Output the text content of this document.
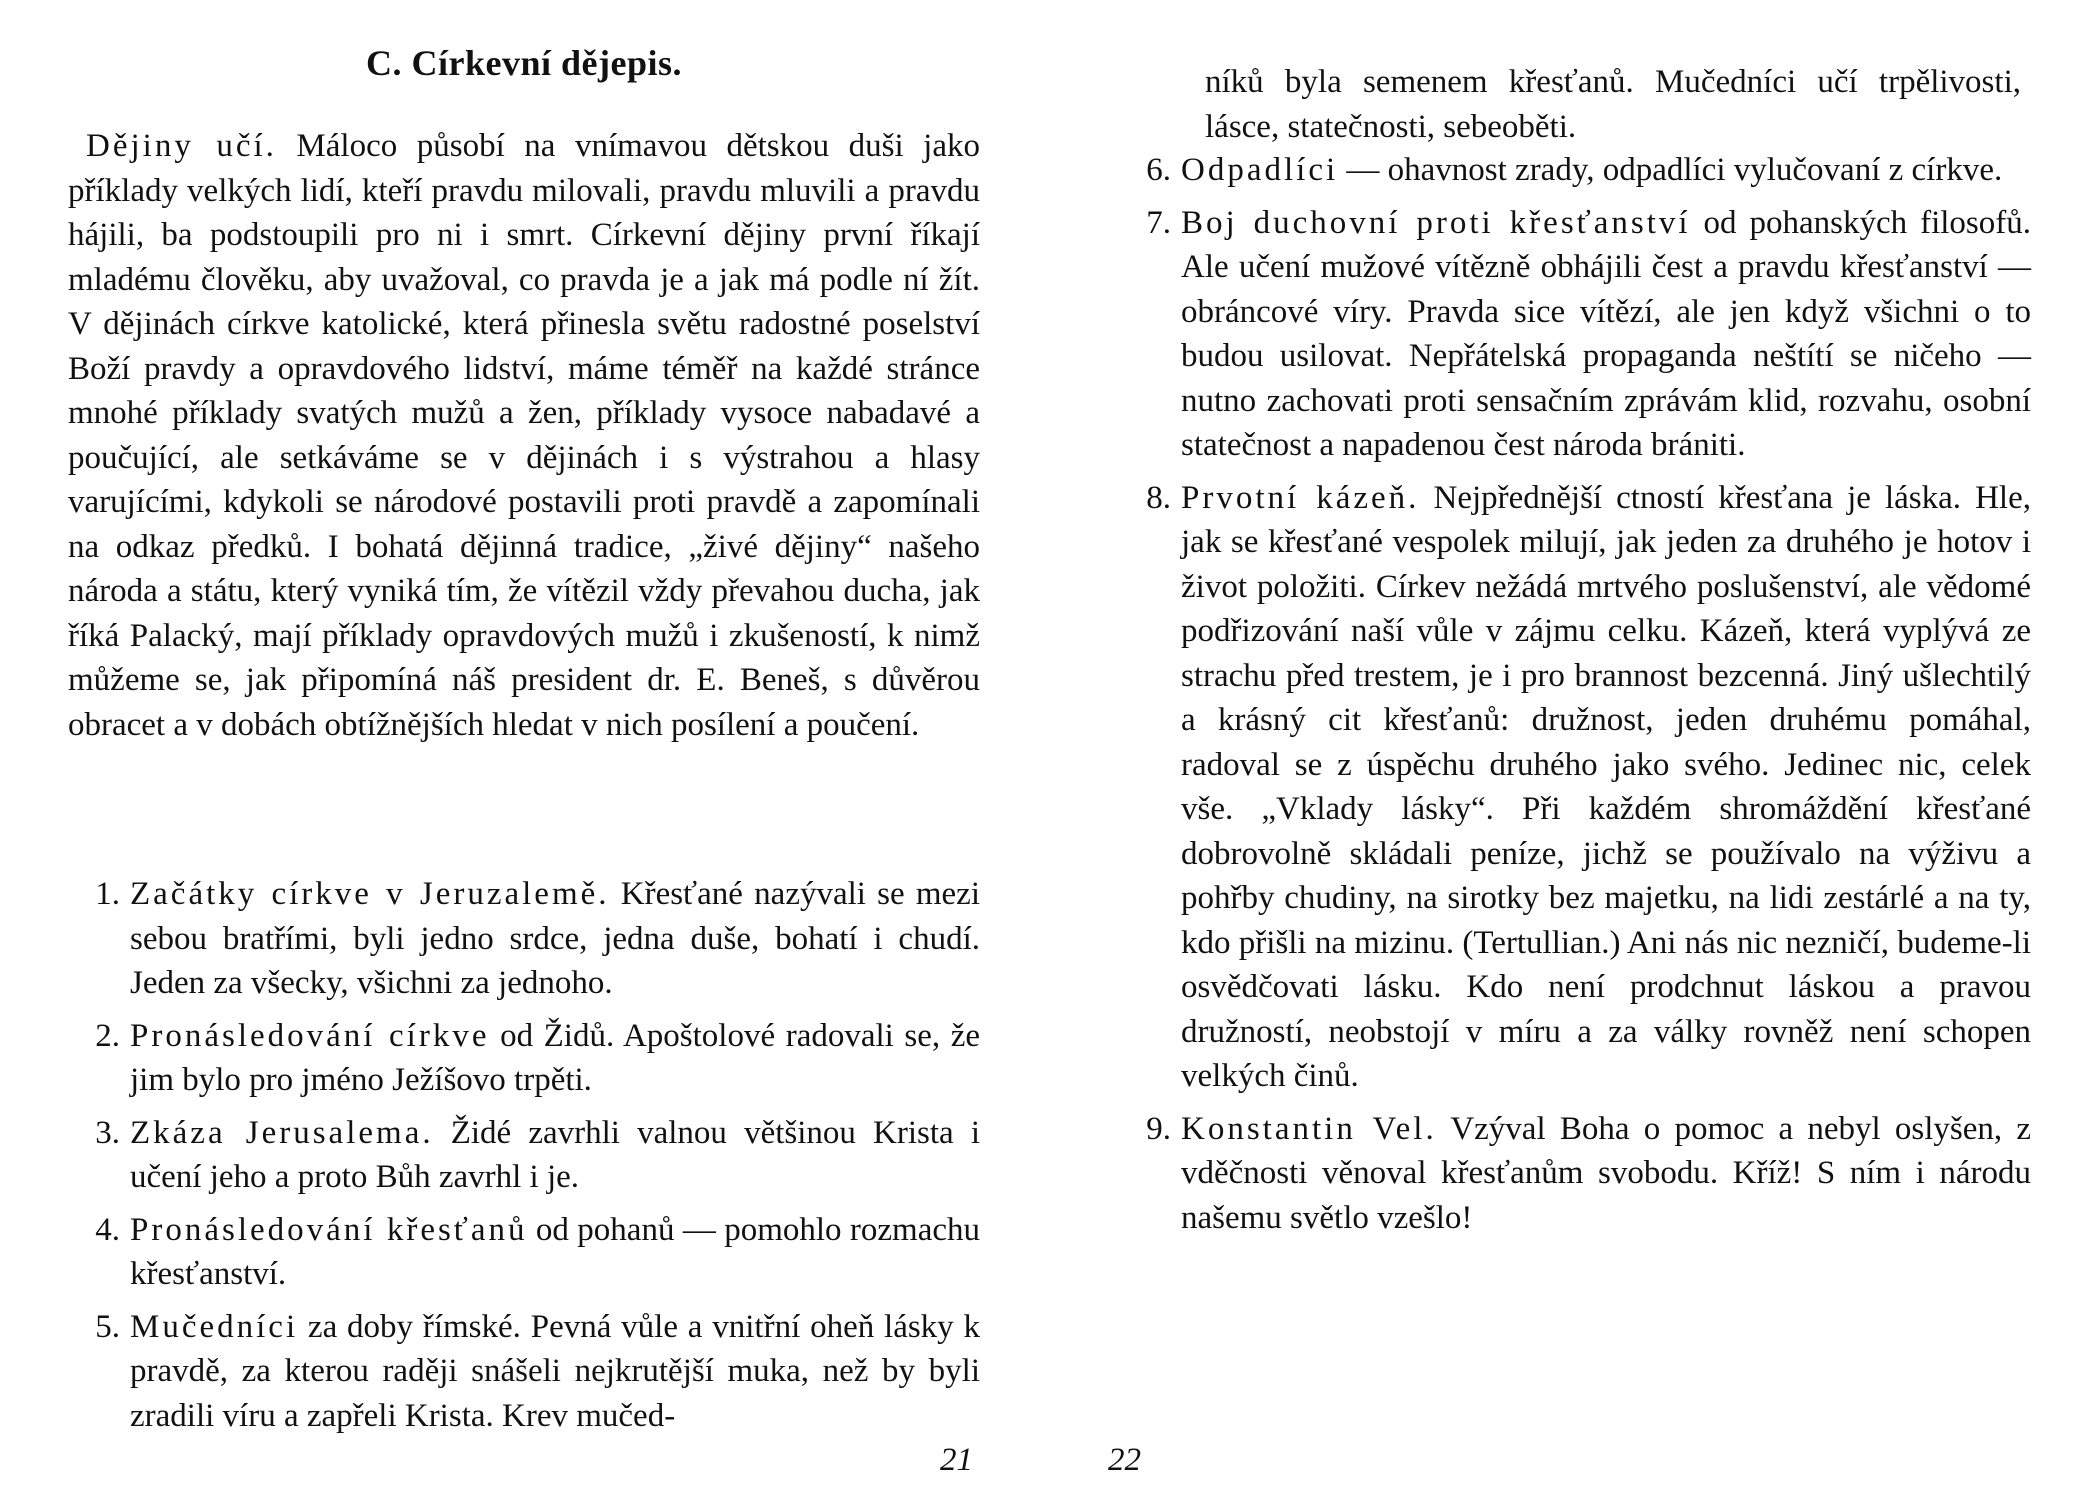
C. Církevní dějepis.

Dějiny učí. Máloco působí na vnímavou dětskou duši jako příklady velkých lidí, kteří pravdu milovali, pravdu mluvili a pravdu hájili, ba podstoupili pro ni i smrt. Církevní dějiny první říkají mladému člověku, aby uvažoval, co pravda je a jak má podle ní žít. V dějinách církve katolické, která přinesla světu radostné poselství Boží pravdy a opravdového lidství, máme téměř na každé stránce mnohé příklady svatých mužů a žen, příklady vysoce nabadavé a poučující, ale setkáváme se v dějinách i s výstrahou a hlasy varujícími, kdykoli se národové postavili proti pravdě a zapomínali na odkaz předků. I bohatá dějinná tradice, „živé dějiny“ našeho národa a státu, který vyniká tím, že vítězil vždy převahou ducha, jak říká Palacký, mají příklady opravdových mužů i zkušeností, k nimž můžeme se, jak připomíná náš president dr. E. Beneš, s důvěrou obracet a v dobách obtížnějších hledat v nich posílení a poučení.

1. Začátky církve v Jeruzalemě. Křesťané nazývali se mezi sebou bratřími, byli jedno srdce, jedna duše, bohatí i chudí. Jeden za všecky, všichni za jednoho.
2. Pronásledování církve od Židů. Apoštolové radovali se, že jim bylo pro jméno Ježíšovo trpěti.
3. Zkáza Jerusalema. Židé zavrhli valnou většinou Krista i učení jeho a proto Bůh zavrhl i je.
4. Pronásledování křesťanů od pohanů — pomohlo rozmachu křesťanství.
5. Mučedníci za doby římské. Pevná vůle a vnitřní oheň lásky k pravdě, za kterou raději snášeli nejkrutější muka, než by byli zradili víru a zapřeli Krista. Krev mučed-
21

níků byla semenem křesťanů. Mučedníci učí trpělivosti, lásce, statečnosti, sebeoběti.

6. Odpadlíci — ohavnost zrady, odpadlíci vylučovaní z církve.
7. Boj duchovní proti křesťanství od pohanských filosofů. Ale učení mužové vítězně obhájili čest a pravdu křesťanství — obráncové víry. Pravda sice vítězí, ale jen když všichni o to budou usilovat. Nepřátelská propaganda neštítí se ničeho — nutno zachovati proti sensačním zprávám klid, rozvahu, osobní statečnost a napadenou čest národa brániti.
8. Prvotní kázeň. Nejpřednější ctností křesťana je láska. Hle, jak se křesťané vespolek milují, jak jeden za druhého je hotov i život položiti. Církev nežádá mrtvého poslušenství, ale vědomé podřizování naší vůle v zájmu celku. Kázeň, která vyplývá ze strachu před trestem, je i pro brannost bezcenná. Jiný ušlechtilý a krásný cit křesťanů: družnost, jeden druhému pomáhal, radoval se z úspěchu druhého jako svého. Jedinec nic, celek vše. „Vklady lásky“. Při každém shromáždění křesťané dobrovolně skládali peníze, jichž se používalo na výživu a pohřby chudiny, na sirotky bez majetku, na lidi zestárlé a na ty, kdo přišli na mizinu. (Tertullian.) Ani nás nic nezničí, budeme-li osvědčovati lásku. Kdo není prodchnut láskou a pravou družností, neobstojí v míru a za války rovněž není schopen velkých činů.
9. Konstantin Vel. Vzýval Boha o pomoc a nebyl oslyšen, z vděčnosti věnoval křesťanům svobodu. Kříž! S ním i národu našemu světlo vzešlo!
22
